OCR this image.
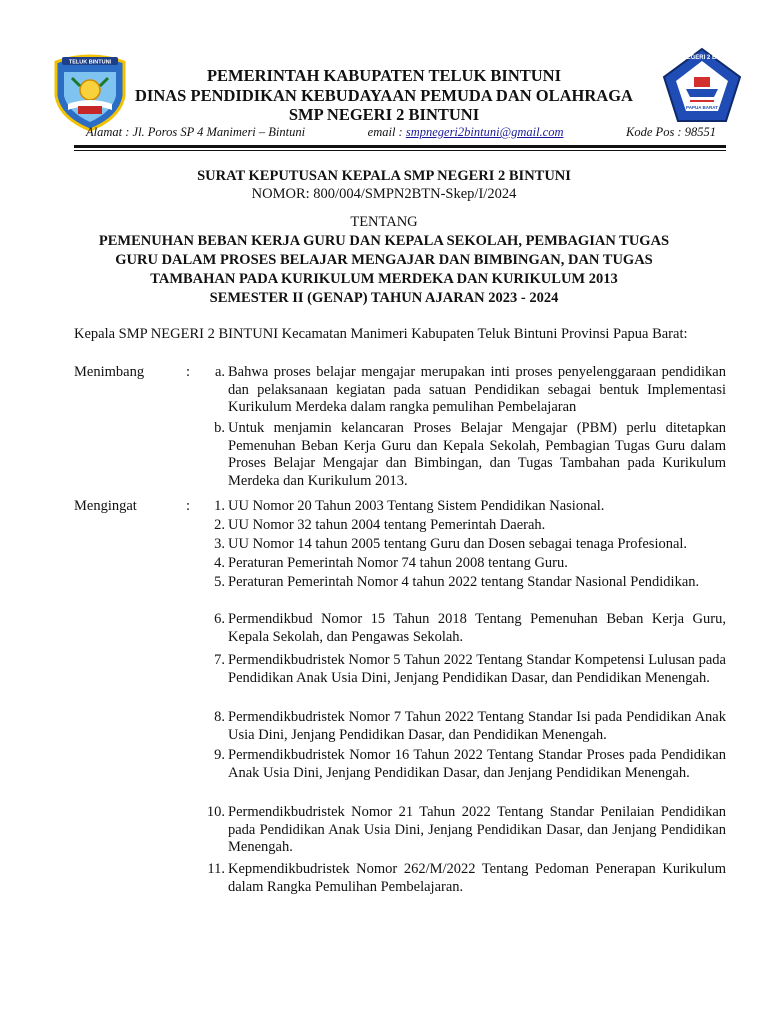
TELUK BINTUNI
SMP NEGERI 2 BINTUNI
PAPUA BARAT
PEMERINTAH KABUPATEN TELUK BINTUNI
DINAS PENDIDIKAN KEBUDAYAAN PEMUDA DAN OLAHRAGA
SMP NEGERI 2 BINTUNI
Alamat : Jl. Poros SP 4 Manimeri – Bintuni	email : smpnegeri2bintuni@gmail.com	Kode Pos : 98551
SURAT KEPUTUSAN KEPALA SMP NEGERI 2 BINTUNI
NOMOR: 800/004/SMPN2BTN-Skep/I/2024
TENTANG
PEMENUHAN BEBAN KERJA GURU DAN KEPALA SEKOLAH, PEMBAGIAN TUGAS
GURU DALAM PROSES BELAJAR MENGAJAR DAN BIMBINGAN, DAN TUGAS
TAMBAHAN PADA KURIKULUM MERDEKA DAN KURIKULUM 2013
SEMESTER II (GENAP) TAHUN AJARAN 2023 - 2024
Kepala SMP NEGERI 2 BINTUNI Kecamatan Manimeri Kabupaten Teluk Bintuni Provinsi Papua Barat:
Menimbang	:	a. Bahwa proses belajar mengajar merupakan inti proses penyelenggaraan pendidikan dan pelaksanaan kegiatan pada satuan Pendidikan sebagai bentuk Implementasi Kurikulum Merdeka dalam rangka pemulihan Pembelajaran
b. Untuk menjamin kelancaran Proses Belajar Mengajar (PBM) perlu ditetapkan Pemenuhan Beban Kerja Guru dan Kepala Sekolah, Pembagian Tugas Guru dalam Proses Belajar Mengajar dan Bimbingan, dan Tugas Tambahan pada Kurikulum Merdeka dan Kurikulum 2013.
Mengingat	:	1. UU Nomor 20 Tahun 2003 Tentang Sistem Pendidikan Nasional.
2. UU Nomor 32 tahun 2004 tentang Pemerintah Daerah.
3. UU Nomor 14 tahun 2005 tentang Guru dan Dosen sebagai tenaga Profesional.
4. Peraturan Pemerintah Nomor 74 tahun 2008 tentang Guru.
5. Peraturan Pemerintah Nomor 4 tahun 2022 tentang Standar Nasional Pendidikan.
6. Permendikbud Nomor 15 Tahun 2018 Tentang Pemenuhan Beban Kerja Guru, Kepala Sekolah, dan Pengawas Sekolah.
7. Permendikbudristek Nomor 5 Tahun 2022 Tentang Standar Kompetensi Lulusan pada Pendidikan Anak Usia Dini, Jenjang Pendidikan Dasar, dan Pendidikan Menengah.
8. Permendikbudristek Nomor 7 Tahun 2022 Tentang Standar Isi pada Pendidikan Anak Usia Dini, Jenjang Pendidikan Dasar, dan Pendidikan Menengah.
9. Permendikbudristek Nomor 16 Tahun 2022 Tentang Standar Proses pada Pendidikan Anak Usia Dini, Jenjang Pendidikan Dasar, dan Jenjang Pendidikan Menengah.
10. Permendikbudristek Nomor 21 Tahun 2022 Tentang Standar Penilaian Pendidikan pada Pendidikan Anak Usia Dini, Jenjang Pendidikan Dasar, dan Jenjang Pendidikan Menengah.
11. Kepmendikbudristek Nomor 262/M/2022 Tentang Pedoman Penerapan Kurikulum dalam Rangka Pemulihan Pembelajaran.
